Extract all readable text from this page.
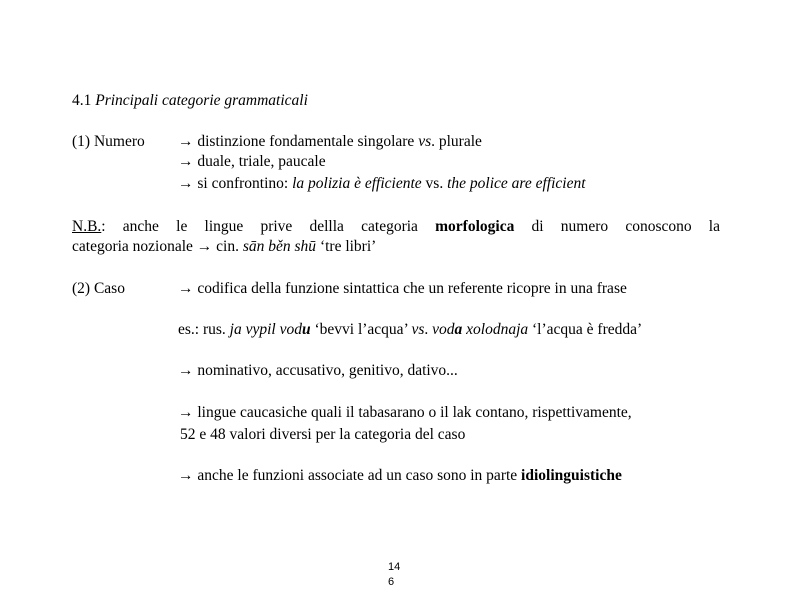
4.1 Principali categorie grammaticali
(1) Numero → distinzione fondamentale singolare vs. plurale
→ duale, triale, paucale
→ si confrontino: la polizia è efficiente vs. the police are efficient
N.B.: anche le lingue prive dellla categoria morfologica di numero conoscono la
categoria nozionale → cin. sān běn shū ‘tre libri’
(2) Caso	→ codifica della funzione sintattica che un referente ricopre in una frase
es.: rus. ja vypil vodu ‘bevvi l’acqua’ vs. voda xolodnaja ‘l’acqua è fredda’
→ nominativo, accusativo, genitivo, dativo...
→ lingue caucasiche quali il tabasarano o il lak contano, rispettivamente,
52 e 48 valori diversi per la categoria del caso
→ anche le funzioni associate ad un caso sono in parte idiolinguistiche
14
6
